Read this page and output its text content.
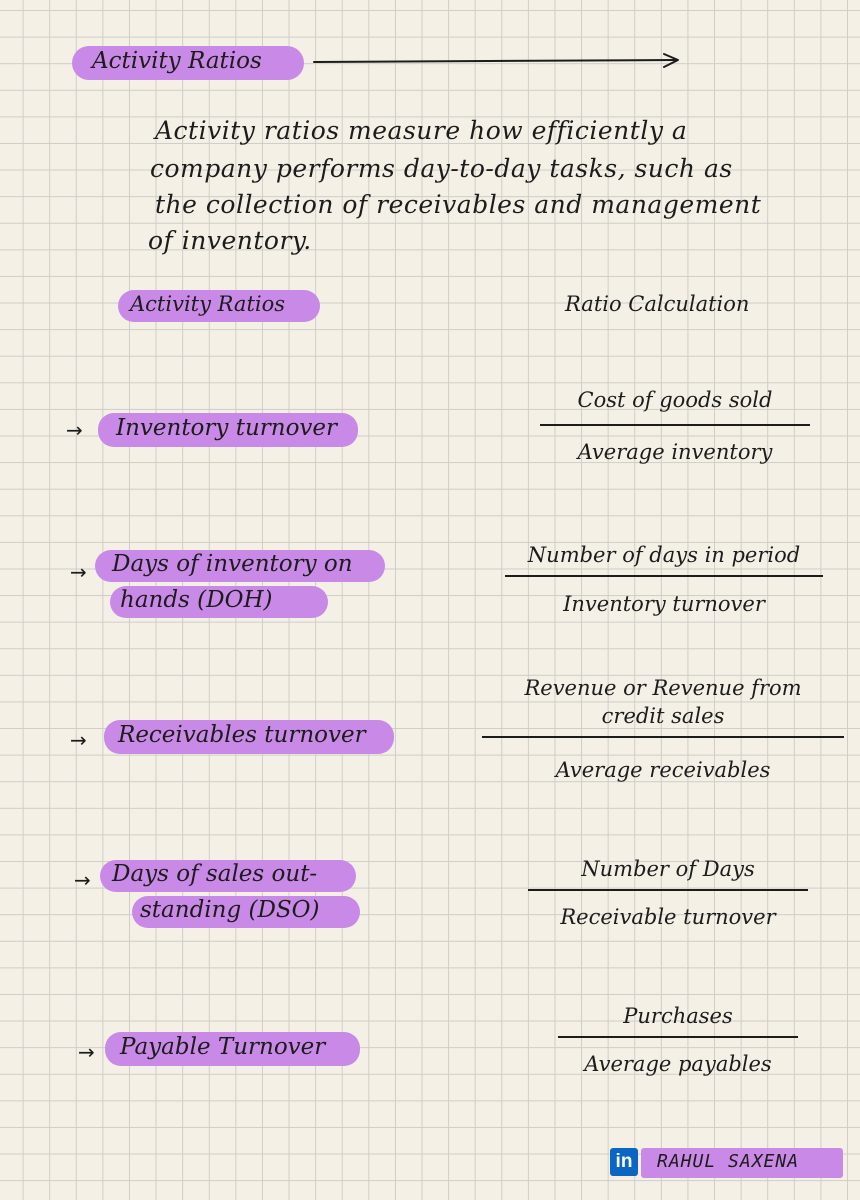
Activity Ratios
Activity ratios measure how efficiently a
company performs day-to-day tasks, such as
the collection of receivables and management
of inventory.
Activity Ratios	Ratio Calculation
→ Inventory turnover
Cost of goods sold
Average inventory
→ Days of inventory on
hands (DOH)
Number of days in period
Inventory turnover
→ Receivables turnover
Revenue or Revenue from
credit sales
Average receivables
→ Days of sales out-
standing (DSO)
Number of Days
Receivable turnover
→ Payable Turnover
Purchases
Average payables
in	RAHUL SAXENA
